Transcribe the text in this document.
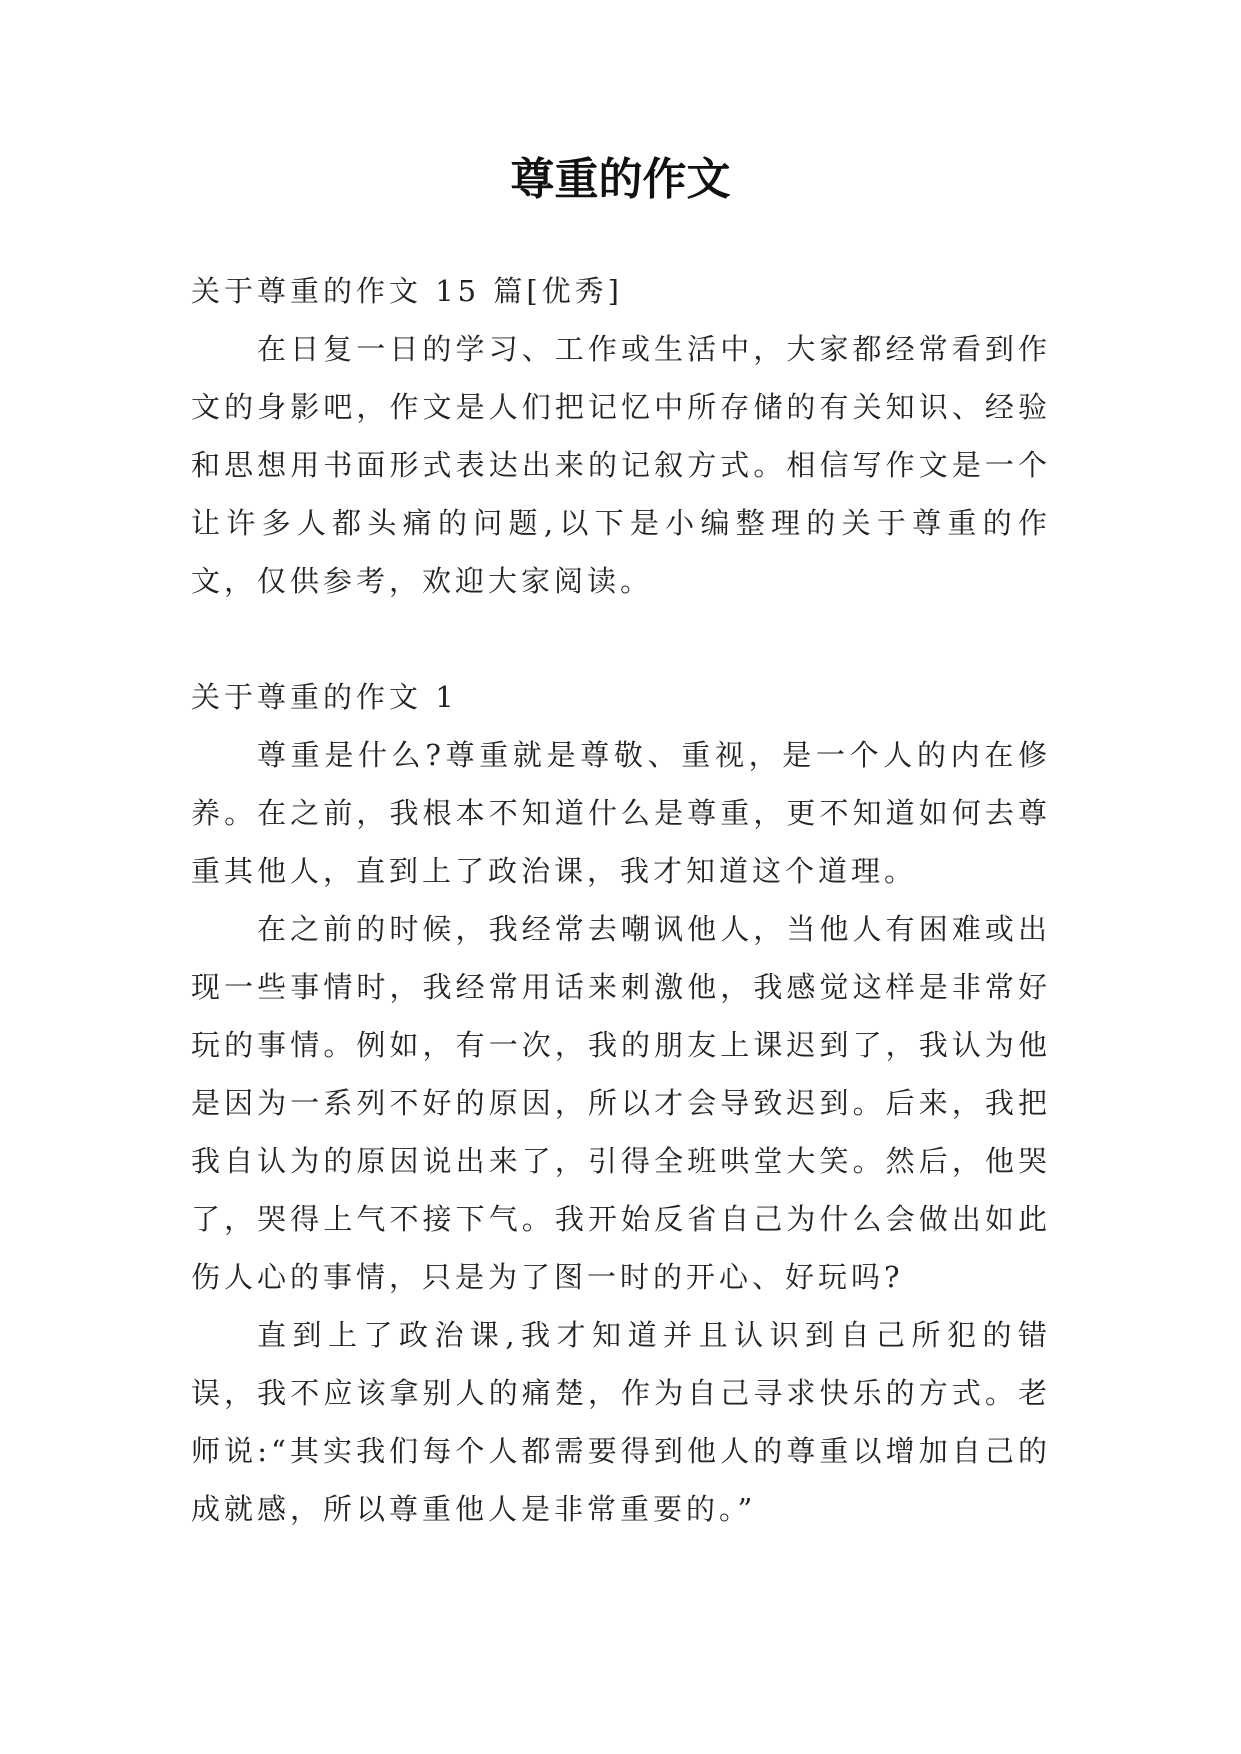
尊重的作文

关于尊重的作文 15 篇[优秀]

在日复一日的学习、工作或生活中，大家都经常看到作文的身影吧，作文是人们把记忆中所存储的有关知识、经验和思想用书面形式表达出来的记叙方式。相信写作文是一个让许多人都头痛的问题,以下是小编整理的关于尊重的作文，仅供参考，欢迎大家阅读。

关于尊重的作文 1

尊重是什么?尊重就是尊敬、重视，是一个人的内在修养。在之前，我根本不知道什么是尊重，更不知道如何去尊重其他人，直到上了政治课，我才知道这个道理。

在之前的时候，我经常去嘲讽他人，当他人有困难或出现一些事情时，我经常用话来刺激他，我感觉这样是非常好玩的事情。例如，有一次，我的朋友上课迟到了，我认为他是因为一系列不好的原因，所以才会导致迟到。后来，我把我自认为的原因说出来了，引得全班哄堂大笑。然后，他哭了，哭得上气不接下气。我开始反省自己为什么会做出如此伤人心的事情，只是为了图一时的开心、好玩吗?

直到上了政治课,我才知道并且认识到自己所犯的错误，我不应该拿别人的痛楚，作为自己寻求快乐的方式。老师说:“其实我们每个人都需要得到他人的尊重以增加自己的成就感，所以尊重他人是非常重要的。”
